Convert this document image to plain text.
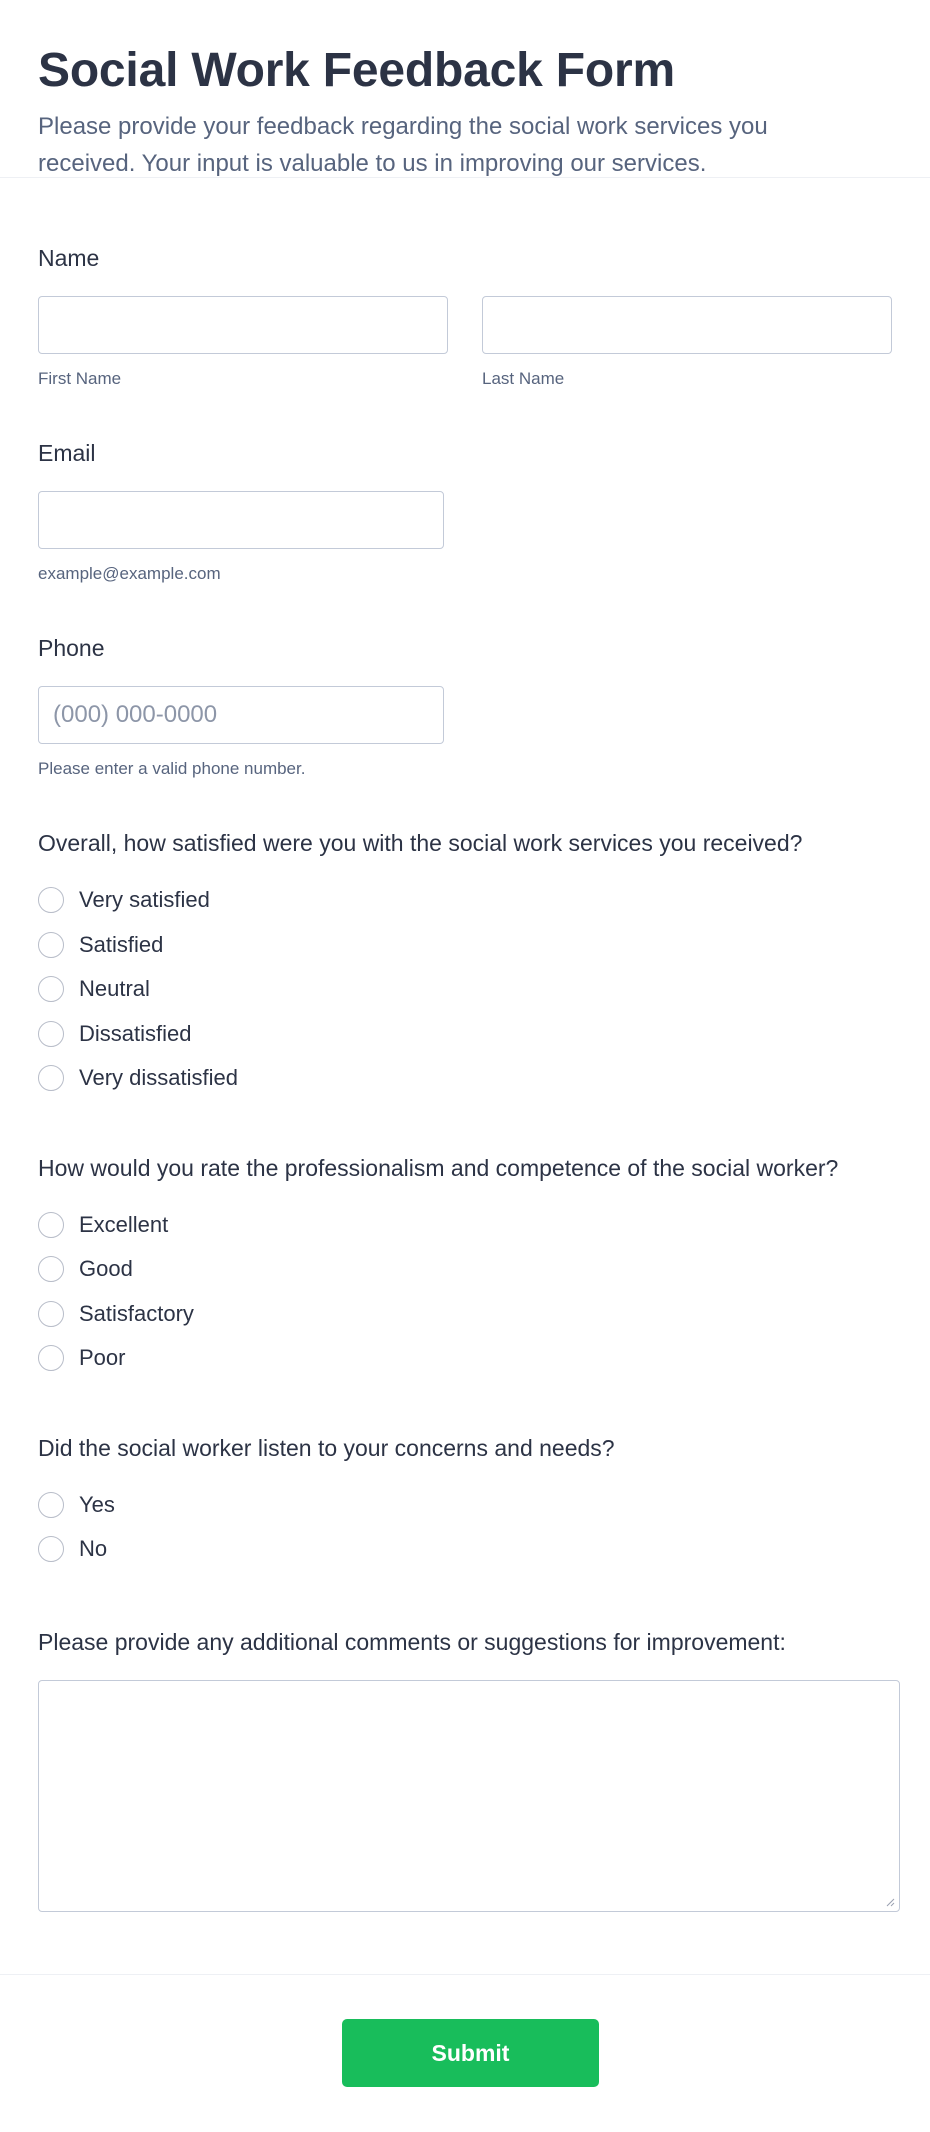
Social Work Feedback Form

Please provide your feedback regarding the social work services you received. Your input is valuable to us in improving our services.

Name
First Name	Last Name
Email
example@example.com
Phone
(000) 000-0000
Please enter a valid phone number.
Overall, how satisfied were you with the social work services you received?
Very satisfied
Satisfied
Neutral
Dissatisfied
Very dissatisfied
How would you rate the professionalism and competence of the social worker?
Excellent
Good
Satisfactory
Poor
Did the social worker listen to your concerns and needs?
Yes
No
Please provide any additional comments or suggestions for improvement:
Submit
